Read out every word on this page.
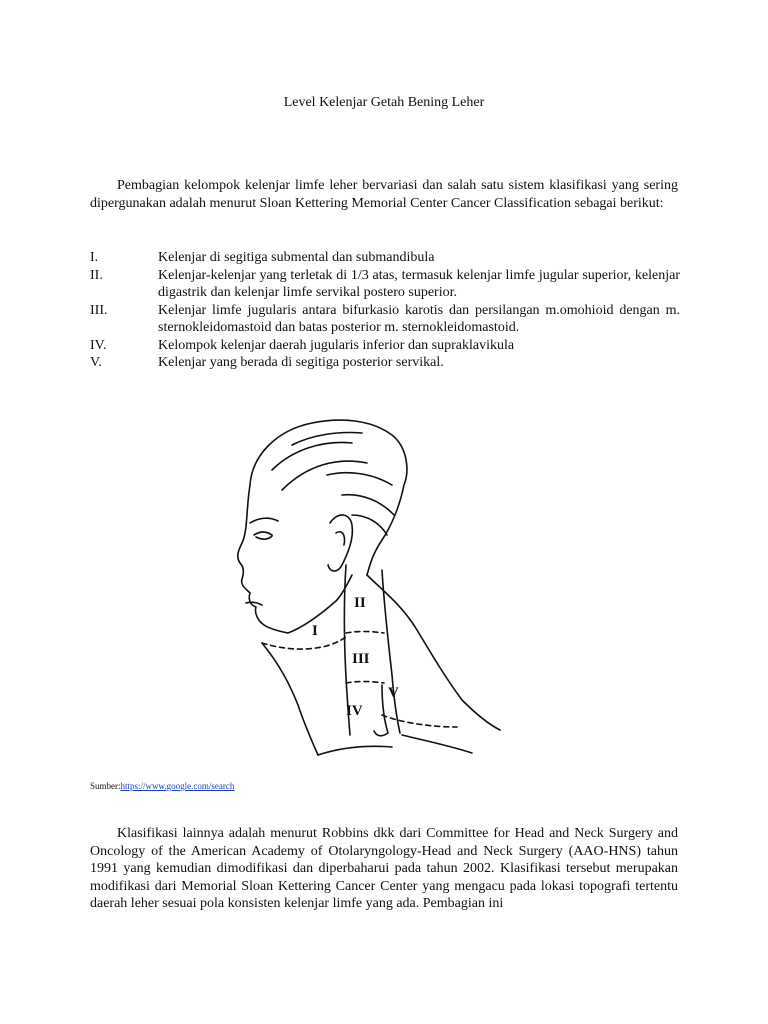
Level Kelenjar Getah Bening Leher

Pembagian kelompok kelenjar limfe leher bervariasi dan salah satu sistem klasifikasi yang sering dipergunakan adalah menurut Sloan Kettering Memorial Center Cancer Classification sebagai berikut:

I.	Kelenjar di segitiga submental dan submandibula
II.	Kelenjar-kelenjar yang terletak di 1/3 atas, termasuk kelenjar limfe jugular superior, kelenjar digastrik dan kelenjar limfe servikal postero superior.
III.	Kelenjar limfe jugularis antara bifurkasio karotis dan persilangan m.omohioid dengan m. sternokleidomastoid dan batas posterior m. sternokleidomastoid.
IV.	Kelompok kelenjar daerah jugularis inferior dan supraklavikula
V.	Kelenjar yang berada di segitiga posterior servikal.
I
II
III
IV
V
Sumber:https://www.google.com/search

Klasifikasi lainnya adalah menurut Robbins dkk dari Committee for Head and Neck Surgery and Oncology of the American Academy of Otolaryngology-Head and Neck Surgery (AAO-HNS) tahun 1991 yang kemudian dimodifikasi dan diperbaharui pada tahun 2002. Klasifikasi tersebut merupakan modifikasi dari Memorial Sloan Kettering Cancer Center yang mengacu pada lokasi topografi tertentu daerah leher sesuai pola konsisten kelenjar limfe yang ada. Pembagian ini
